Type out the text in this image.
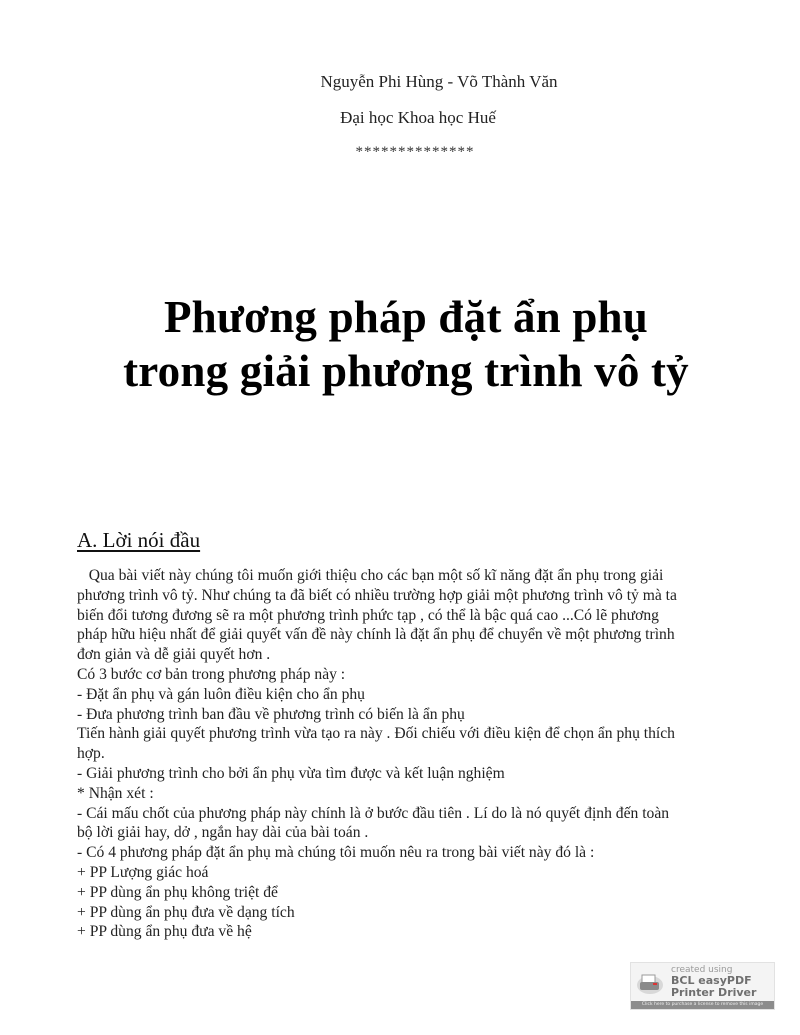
Nguyễn Phi Hùng - Võ Thành Văn
Đại học Khoa học Huế
**************
Phương pháp đặt ẩn phụ
trong giải phương trình vô tỷ
A. Lời nói đầu
Qua bài viết này chúng tôi muốn giới thiệu cho các bạn một số kĩ năng đặt ẩn phụ trong giải
phương trình vô tỷ. Như chúng ta đã biết có nhiều trường hợp giải một phương trình vô tỷ mà ta
biến đổi tương đương sẽ ra một phương trình phức tạp , có thể là bậc quá cao ...Có lẽ phương
pháp hữu hiệu nhất để giải quyết vấn đề này chính là đặt ẩn phụ để chuyển về một phương trình
đơn giản và dễ giải quyết hơn .
Có 3 bước cơ bản trong phương pháp này :
- Đặt ẩn phụ và gán luôn điều kiện cho ẩn phụ
- Đưa phương trình ban đầu về phương trình có biến là ẩn phụ
Tiến hành giải quyết phương trình vừa tạo ra này . Đối chiếu với điều kiện để chọn ẩn phụ thích
hợp.
- Giải phương trình cho bởi ẩn phụ vừa tìm được và kết luận nghiệm
* Nhận xét :
- Cái mấu chốt của phương pháp này chính là ở bước đầu tiên . Lí do là nó quyết định đến toàn
bộ lời giải hay, dở , ngắn hay dài của bài toán .
- Có 4 phương pháp đặt ẩn phụ mà chúng tôi muốn nêu ra trong bài viết này đó là :
+ PP Lượng giác hoá
+ PP dùng ẩn phụ không triệt để
+ PP dùng ẩn phụ đưa về dạng tích
+ PP dùng ẩn phụ đưa về hệ
created using
BCL easyPDF
Printer Driver
Click here to purchase a license to remove this image
